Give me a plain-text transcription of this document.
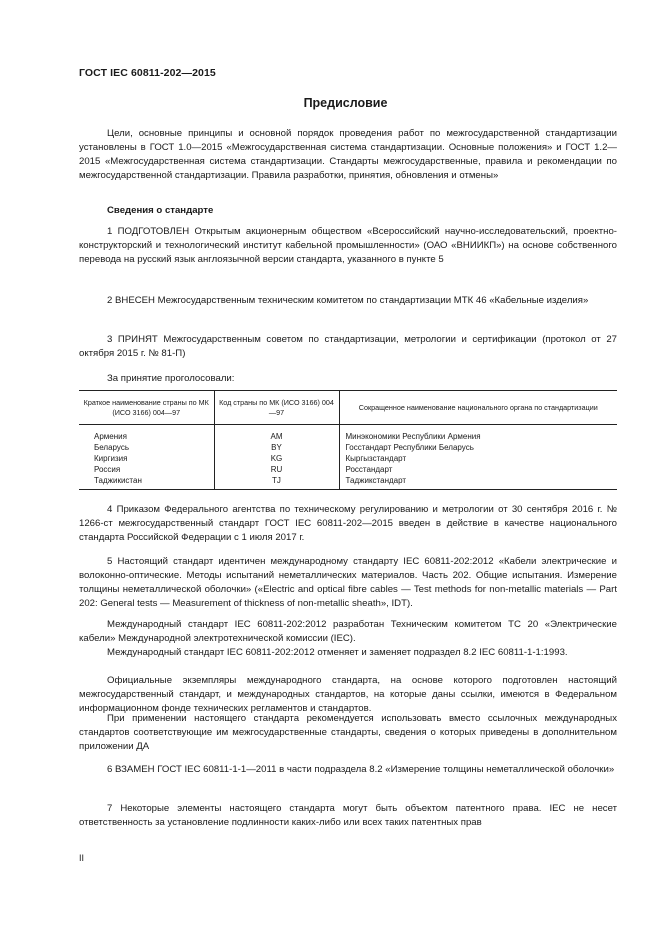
ГОСТ IEC 60811-202—2015
Предисловие

Цели, основные принципы и основной порядок проведения работ по межгосударственной стандартизации установлены в ГОСТ 1.0—2015 «Межгосударственная система стандартизации. Основные положения» и ГОСТ 1.2—2015 «Межгосударственная система стандартизации. Стандарты межгосударственные, правила и рекомендации по межгосударственной стандартизации. Правила разработки, принятия, обновления и отмены»

Сведения о стандарте

1 ПОДГОТОВЛЕН Открытым акционерным обществом «Всероссийский научно-исследовательский, проектно-конструкторский и технологический институт кабельной промышленности» (ОАО «ВНИИКП») на основе собственного перевода на русский язык англоязычной версии стандарта, указанного в пункте 5

2 ВНЕСЕН Межгосударственным техническим комитетом по стандартизации МТК 46 «Кабельные изделия»

3 ПРИНЯТ Межгосударственным советом по стандартизации, метрологии и сертификации (протокол от 27 октября 2015 г. № 81-П)

За принятие проголосовали:
Краткое наименование страны по МК (ИСО 3166) 004—97	Код страны по МК (ИСО 3166) 004—97	Сокращенное наименование национального органа по стандартизации
Армения	AM	Минэкономики Республики Армения
Беларусь	BY	Госстандарт Республики Беларусь
Киргизия	KG	Кыргызстандарт
Россия	RU	Росстандарт
Таджикистан	TJ	Таджикстандарт

4 Приказом Федерального агентства по техническому регулированию и метрологии от 30 сентября 2016 г. № 1266-ст межгосударственный стандарт ГОСТ IEC 60811-202—2015 введен в действие в качестве национального стандарта Российской Федерации с 1 июля 2017 г.

5 Настоящий стандарт идентичен международному стандарту IEC 60811-202:2012 «Кабели электрические и волоконно-оптические. Методы испытаний неметаллических материалов. Часть 202. Общие испытания. Измерение толщины неметаллической оболочки» («Electric and optical fibre cables — Test methods for non-metallic materials — Part 202: General tests — Measurement of thickness of non-metallic sheath», IDT).

Международный стандарт IEC 60811-202:2012 разработан Техническим комитетом ТС 20 «Электрические кабели» Международной электротехнической комиссии (IEC).

Международный стандарт IEC 60811-202:2012 отменяет и заменяет подраздел 8.2 IEC 60811-1-1:1993.

Официальные экземпляры международного стандарта, на основе которого подготовлен настоящий межгосударственный стандарт, и международных стандартов, на которые даны ссылки, имеются в Федеральном информационном фонде технических регламентов и стандартов.

При применении настоящего стандарта рекомендуется использовать вместо ссылочных международных стандартов соответствующие им межгосударственные стандарты, сведения о которых приведены в дополнительном приложении ДА

6 ВЗАМЕН ГОСТ IEC 60811-1-1—2011 в части подраздела 8.2 «Измерение толщины неметаллической оболочки»

7 Некоторые элементы настоящего стандарта могут быть объектом патентного права. IEC не несет ответственность за установление подлинности каких-либо или всех таких патентных прав

II
